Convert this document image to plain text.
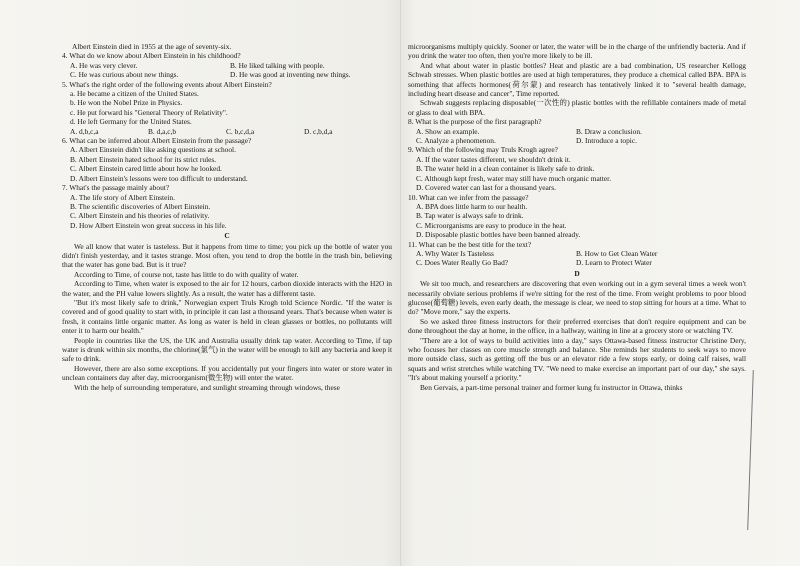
Albert Einstein died in 1955 at the age of seventy-six.
4. What do we know about Albert Einstein in his childhood?
A. He was very clever.	B. He liked talking with people.
C. He was curious about new things.	D. He was good at inventing new things.
5. What's the right order of the following events about Albert Einstein?
a. He became a citizen of the United States.
b. He won the Nobel Prize in Physics.
c. He put forward his "General Theory of Relativity".
d. He left Germany for the United States.
A. d,b,c,a	B. d,a,c,b	C. b,c,d,a	D. c,b,d,a
6. What can be inferred about Albert Einstein from the passage?
A. Albert Einstein didn't like asking questions at school.
B. Albert Einstein hated school for its strict rules.
C. Albert Einstein cared little about how he looked.
D. Albert Einstein's lessons were too difficult to understand.
7. What's the passage mainly about?
A. The life story of Albert Einstein.
B. The scientific discoveries of Albert Einstein.
C. Albert Einstein and his theories of relativity.
D. How Albert Einstein won great success in his life.
C
We all know that water is tasteless. But it happens from time to time; you pick up the bottle of water you didn't finish yesterday, and it tastes strange. Most often, you tend to drop the bottle in the trash bin, believing that the water has gone bad. But is it true?
According to Time, of course not, taste has little to do with quality of water.
According to Time, when water is exposed to the air for 12 hours, carbon dioxide interacts with the H2O in the water, and the PH value lowers slightly. As a result, the water has a different taste.
"But it's most likely safe to drink," Norwegian expert Truls Krogh told Science Nordic. "If the water is covered and of good quality to start with, in principle it can last a thousand years. That's because when water is fresh, it contains little organic matter. As long as water is held in clean glasses or bottles, no pollutants will enter it to harm our health."
People in countries like the US, the UK and Australia usually drink tap water. According to Time, if tap water is drunk within six months, the chlorine(氯气) in the water will be enough to kill any bacteria and keep it safe to drink.
However, there are also some exceptions. If you accidentally put your fingers into water or store water in unclean containers day after day, microorganism(微生物) will enter the water.
With the help of surrounding temperature, and sunlight streaming through windows, these
microorganisms multiply quickly. Sooner or later, the water will be in the charge of the unfriendly bacteria. And if you drink the water too often, then you're more likely to be ill.
And what about water in plastic bottles? Heat and plastic are a bad combination, US researcher Kellogg Schwab stresses. When plastic bottles are used at high temperatures, they produce a chemical called BPA. BPA is something that affects hormones(荷尔蒙) and research has tentatively linked it to "several health damage, including heart disease and cancer", Time reported.
Schwab suggests replacing disposable(一次性的) plastic bottles with the refillable containers made of metal or glass to deal with BPA.
8. What is the purpose of the first paragraph?
A. Show an example.	B. Draw a conclusion.
C. Analyze a phenomenon.	D. Introduce a topic.
9. Which of the following may Truls Krogh agree?
A. If the water tastes different, we shouldn't drink it.
B. The water held in a clean container is likely safe to drink.
C. Although kept fresh, water may still have much organic matter.
D. Covered water can last for a thousand years.
10. What can we infer from the passage?
A. BPA does little harm to our health.
B. Tap water is always safe to drink.
C. Microorganisms are easy to produce in the heat.
D. Disposable plastic bottles have been banned already.
11. What can be the best title for the text?
A. Why Water Is Tasteless	B. How to Get Clean Water
C. Does Water Really Go Bad?	D. Learn to Protect Water
D
We sit too much, and researchers are discovering that even working out in a gym several times a week won't necessarily obviate serious problems if we're sitting for the rest of the time. From weight problems to poor blood glucose(葡萄糖) levels, even early death, the message is clear, we need to stop sitting for hours at a time. What to do? "Move more," say the experts.
So we asked three fitness instructors for their preferred exercises that don't require equipment and can be done throughout the day at home, in the office, in a hallway, waiting in line at a grocery store or watching TV.
"There are a lot of ways to build activities into a day," says Ottawa-based fitness instructor Christine Dery, who focuses her classes on core muscle strength and balance. She reminds her students to seek ways to move more outside class, such as getting off the bus or an elevator ride a few stops early, or doing calf raises, wall squats and wrist stretches while watching TV. "We need to make exercise an important part of our day," she says. "It's about making yourself a priority."
Ben Gervais, a part-time personal trainer and former kung fu instructor in Ottawa, thinks
